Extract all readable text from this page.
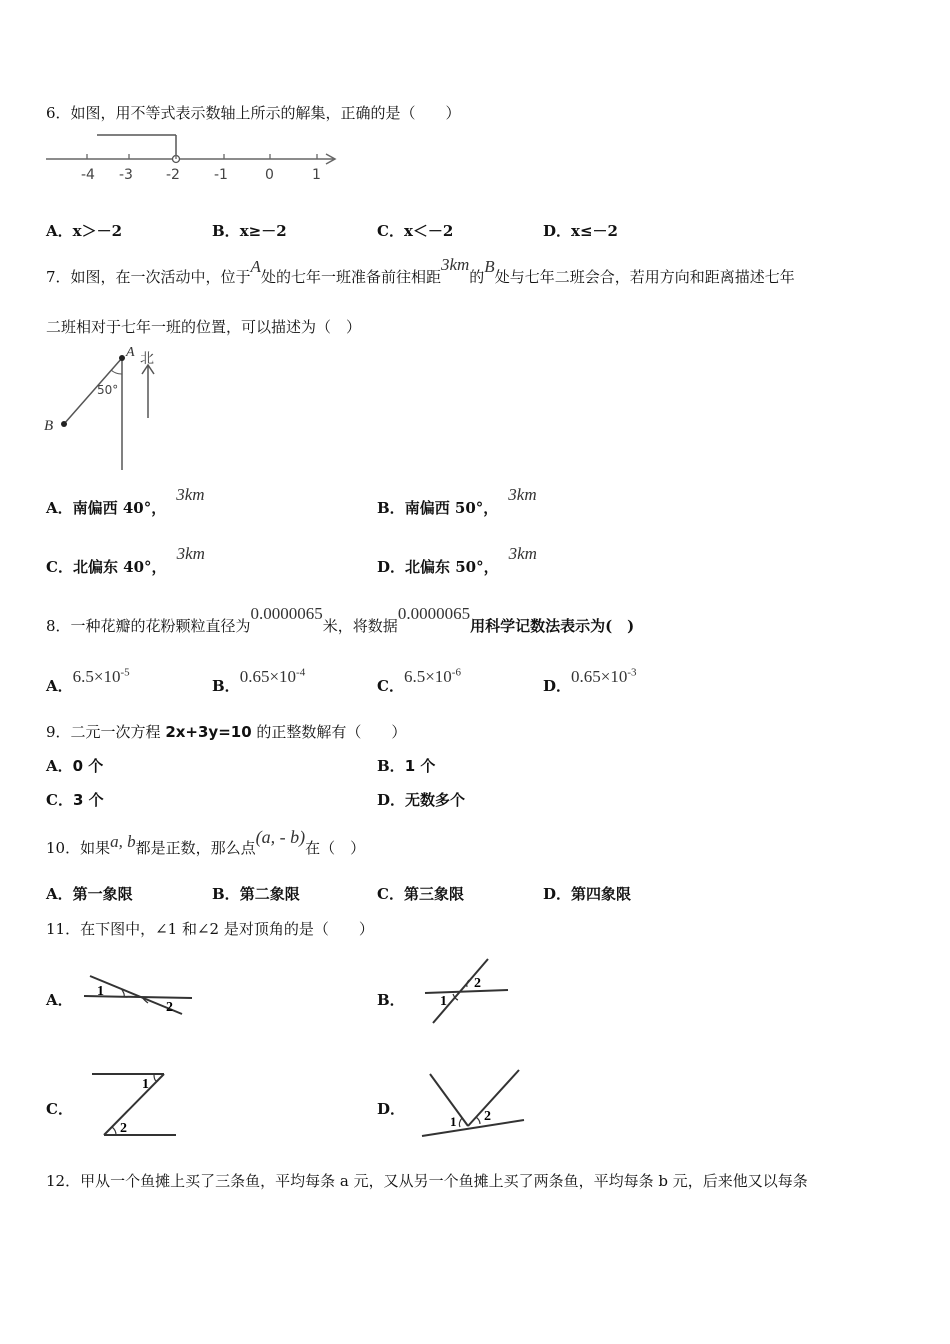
6．如图，用不等式表示数轴上所示的解集，正确的是（　　）
-4 -3 -2 -1	0	1
A．x＞－2	B．x≥－2	C．x＜－2	D．x≤－2
7．如图，在一次活动中，位于A处的七年一班准备前往相距3km的B处与七年二班会合，若用方向和距离描述七年
二班相对于七年一班的位置，可以描述为（　）
A
B
北
50°
A．南偏西 40°，3km
B．南偏西 50°，3km
C．北偏东 40°，3km
D．北偏东 50°，3km
8．一种花瓣的花粉颗粒直径为0.0000065米，将数据0.0000065用科学记数法表示为(　)
A．$6.5\times 10^{-5}$
B．$0.65\times 10^{-4}$
C．$6.5\times 10^{-6}$
D．$0.65\times 10^{-3}$
9．二元一次方程 2x+3y=10 的正整数解有（　　）
A．0 个	B．1 个
C．3 个	D．无数多个
10．如果a, b都是正数，那么点(a, - b)在（　）
A．第一象限	B．第二象限	C．第三象限	D．第四象限
11．在下图中，∠1 和∠2 是对顶角的是（　　）
A． 1
2	B．	1
2
C．
1
2
D．
1 2
12．甲从一个鱼摊上买了三条鱼，平均每条 a 元，又从另一个鱼摊上买了两条鱼，平均每条 b 元，后来他又以每条
